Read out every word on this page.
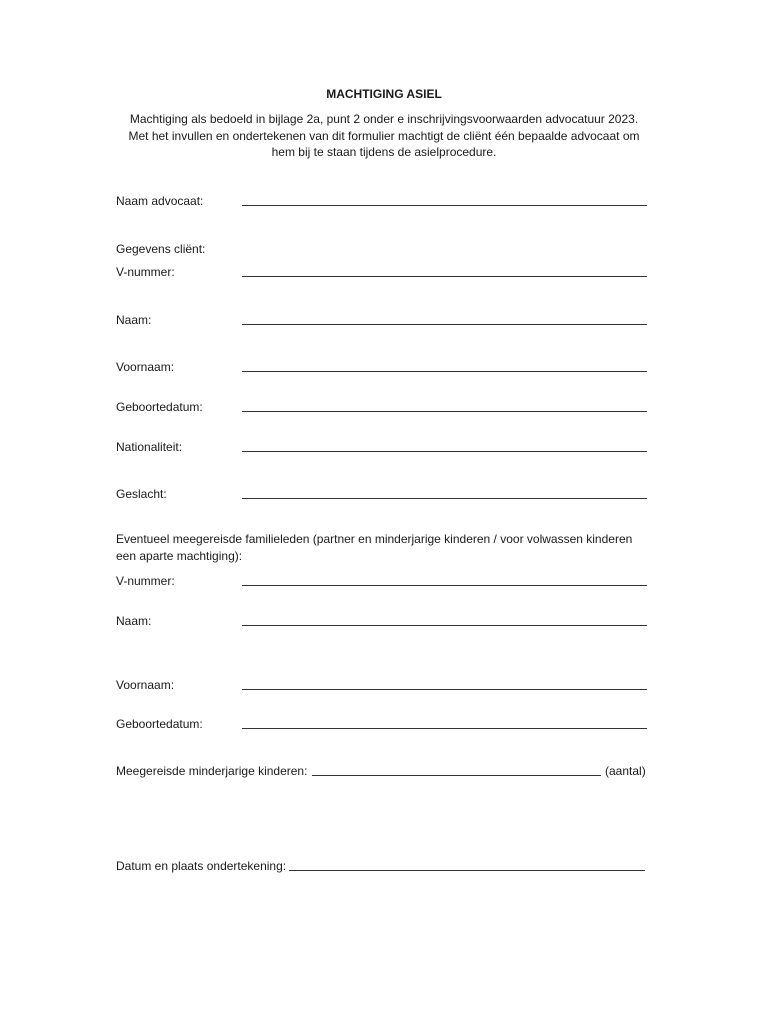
MACHTIGING ASIEL
Machtiging als bedoeld in bijlage 2a, punt 2 onder e inschrijvingsvoorwaarden advocatuur 2023.
Met het invullen en ondertekenen van dit formulier machtigt de cliënt één bepaalde advocaat om
hem bij te staan tijdens de asielprocedure.
Naam advocaat:
Gegevens cliënt:
V-nummer:
Naam:
Voornaam:
Geboortedatum:
Nationaliteit:
Geslacht:
Eventueel meegereisde familieleden (partner en minderjarige kinderen / voor volwassen kinderen
een aparte machtiging):
V-nummer:
Naam:
Voornaam:
Geboortedatum:
Meegereisde minderjarige kinderen:	(aantal)
Datum en plaats ondertekening:
